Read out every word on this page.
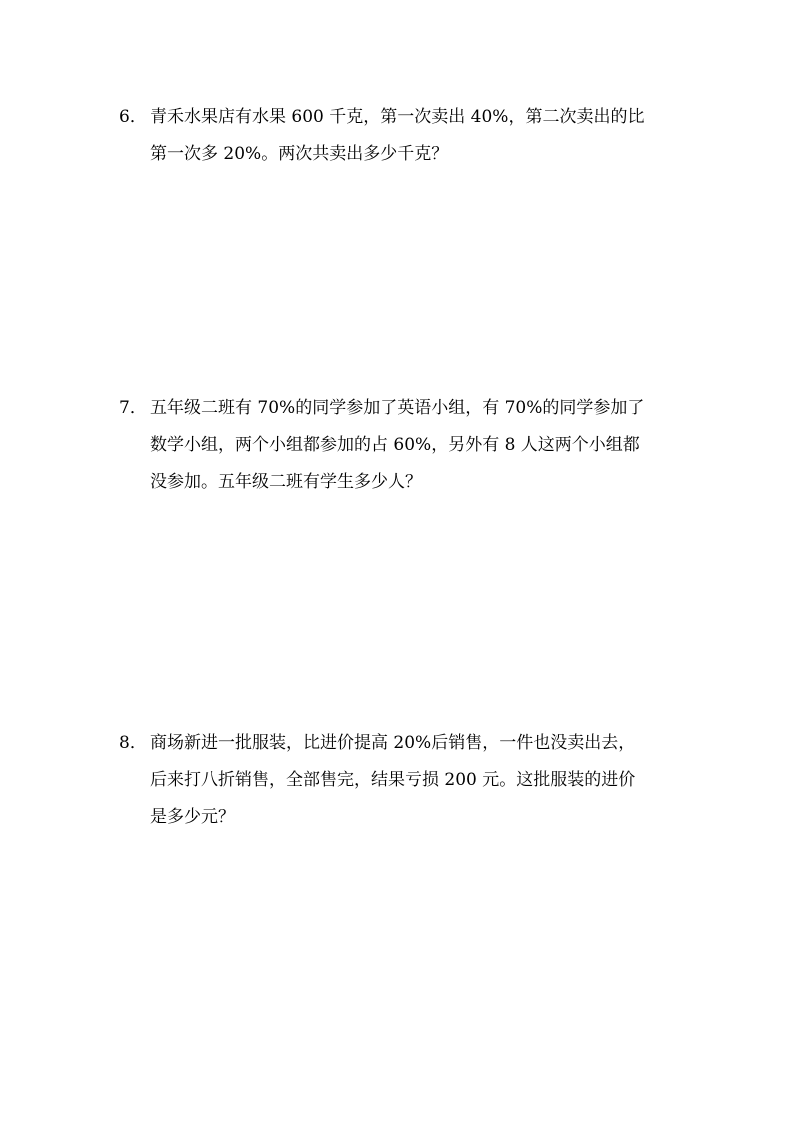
6． 青禾水果店有水果 600 千克，第一次卖出 40%，第二次卖出的比
第一次多 20%。两次共卖出多少千克？
7． 五年级二班有 70%的同学参加了英语小组，有 70%的同学参加了
数学小组，两个小组都参加的占 60%，另外有 8 人这两个小组都
没参加。五年级二班有学生多少人？
8． 商场新进一批服装，比进价提高 20%后销售，一件也没卖出去，
后来打八折销售，全部售完，结果亏损 200 元。这批服装的进价
是多少元？
